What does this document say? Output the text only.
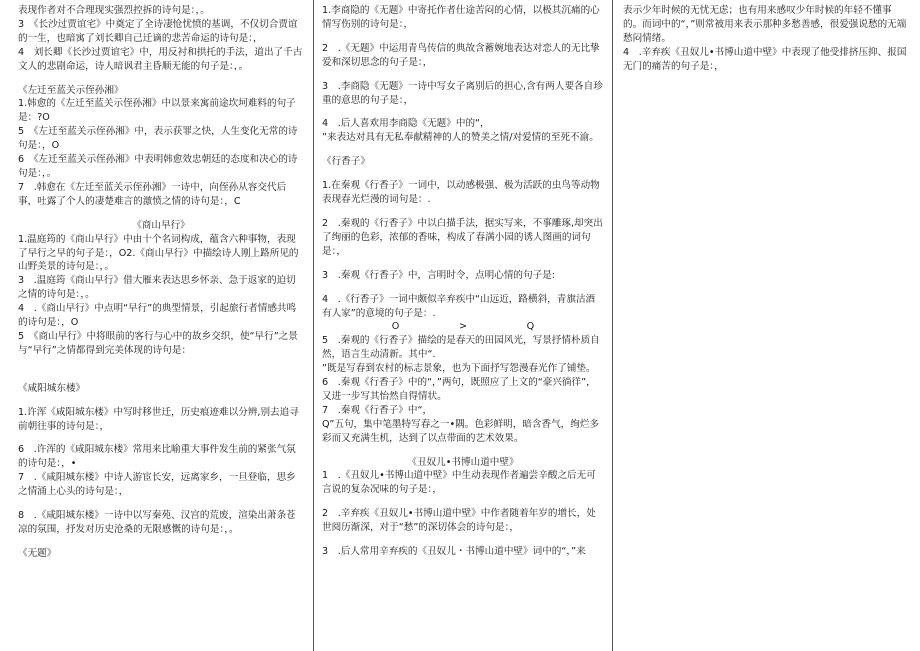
表现作者对不合理现实强烈控拆的诗句是：，。

3　《长沙过贾谊宅》中奠定了全诗凄怆忧愤的基调，不仅切合贾谊的一生，也暗寓了刘长卿自己迁谪的悲苦命运的诗句是：，

4　刘长卿《长沙过贾谊宅》中，用反衬和拱托的手法，道出了千古文人的悲剧命运，诗人暗讽君主昏顺无能的句子是：，。

《左迁至蓝关示侄孙湘》

1.韩愈的《左迁至蓝关示侄孙湘》中以景来寓前途坎坷难料的句子是：?O

5　《左迁至蓝关示侄孙湘》中，表示获罪之快，人生变化无常的诗句是：，O

6　《左迁至蓝关示侄孙湘》中表明韩愈效忠朝廷的态度和决心的诗句是：，。

7　.韩愈在《左迁至蓝关示侄孙湘》一诗中，向侄孙从容交代后事，吐露了个人的凄楚难言的激愤之情的诗句是：，C

《商山早行》

1.温庭筠的《商山早行》中由十个名词构成，蕴含六种事物，表现了早行之早的句子是：，O2.《商山早行》中描绘诗人刚上路所见的山野美景的诗句是：，。

3　.温庭筠《商山早行》借大雁来表达思乡怀亲、急于返家的迫切之情的诗句是：，。

4　.《商山早行》中点明“早行”的典型情景，引起旅行者情感共鸣的诗句是：，O

5　《商山早行》中将眼前的客行与心中的故乡交织，使“早行”之景与“早行”之情都得到完美体现的诗句是：

《咸阳城东楼》

1.许浑《咸阳城东楼》中写时移世迁，历史痕迹难以分辨,别去追寻前朝往事的诗句是：，

6　.许浑的《咸阳城东楼》常用来比喻重大事件发生前的紧张气氛的诗句是：，•

7　.《咸阳城东楼》中诗人游宦长安，远离家乡，一旦登临，思乡之情涌上心头的诗句是：，

8　.《咸阳城东楼》一诗中以写秦苑、汉宫的荒废，渲染出萧条苍凉的氛围，抒发对历史沧桑的无限感慨的诗句是：，。

《无题》

1.李商隐的《无题》中寄托作者仕途苦闷的心情，以极其沉痛的心情写伤别的诗句是：，

2　.《无题》中运用青鸟传信的典故含蓄婉地表达对恋人的无比挚爱和深切思念的句子是：，

3　.李商隐《无题》一诗中写女子离别后的担心,含有两人要各自珍重的意思的句子是：，

4　.后人喜欢用李商隐《无题》中的“，

”来表达对具有无私奉献精神的人的赞美之情/对爱情的至死不渝。

《行香子》

1.在秦观《行香子》一词中，以动感极强、极为活跃的虫鸟等动物表现春光烂漫的词句是：.

2　.秦观的《行香子》中以白描手法，据实写来，不事雕琢,却突出了绚丽的色彩，浓郁的香味，构成了春满小园的诱人图画的词句是：，

3　.秦观《行香子》中，言明时令，点明心情的句子是:

4　.《行香子》一词中颇似辛弃疾中“山远近，路横斜，青旗沽酒有人家”的意境的句子是：.

O	>	Q

5　.秦观的《行香子》描绘的是春天的田园风光，写景抒情朴质自然，语言生动清新。其中“.

”既是写春到农村的标志景象，也为下面抒写怨漫春光作了铺垫。

6　.秦观《行香子》中的“，”两句，既照应了上文的“豪兴徜徉”，又进一步写其怡然自得情状。

7　.秦观《行香子》中“，

Q”五句，集中笔墨特写春之一•隅。色彩鲜明，暗含香气，绚烂多彩而又充满生机，达到了以点带面的艺术效果。

《丑奴儿•书博山道中壁》

1　.《丑奴儿•书博山道中壁》中生动表现作者遍尝辛酸之后无可言说的复杂况味的句子是：，

2　.辛弃疾《丑奴儿•书博山道中壁》中作者随着年岁的增长，处世阅历渐深，对于“愁”的深切体会的诗句是：，

3　.后人常用辛弃疾的《丑奴儿・书博山道中壁》词中的“，”来

表示少年时候的无忧无虑；也有用来感叹少年时候的年轻不懂事的。而词中的“，”则常被用来表示那种多愁善感，很爱强说愁的无端愁闷情绪。

4　.辛弃疾《丑奴儿•书博山道中壁》中表现了他受排挤压抑、报国无门的痛苦的句子是：，
